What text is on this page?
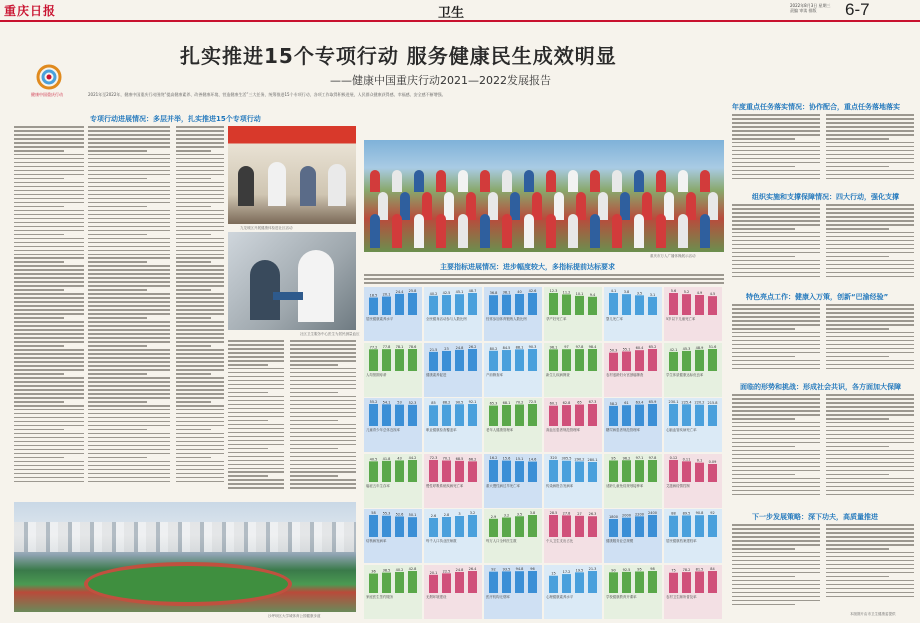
重庆日报	卫生
2022年8月3日 星期三
责编 审读 排版	6-7
健康中国重庆行动
扎实推进15个专项行动 服务健康民生成效明显
——健康中国重庆行动2021—2022发展报告
2021年至2022年，健康中国重庆行动围绕“提高健康素养、改善健康环境、营造健康生活”三大任务，统筹推进15个专项行动，各项工作取得积极进展，人民群众健康获得感、幸福感、安全感不断增强。
专项行动进展情况：多层并举，扎实推进15个专项行动
九龙坡区开展健康体检进社区活动
社区卫生服务中心医生为居民测量血压
沙坪坝区大学城体育公园健康步道
重庆市万人广播体操展示活动
主要指标进展情况：进步幅度较大，多指标提前达标要求
18.5 20.1
24.4 25.8
居民健康素养水平
40.2 42.5 45.1 48.7
全民健身活动参与人数比例
36.8 38.1 40 42.6
经常参加体育锻炼人数比例
12.3 11.2 10.1 9.4
孕产妇死亡率
4.1 3.8 3.5 3.1
婴儿死亡率
5.6 5.2 4.9 4.5
5岁以下儿童死亡率
77.2 77.8 78.1 78.6
人均预期寿命
21.5 23 24.8 26.2
健康素养促进
80.2 84.5 88.1 90.3
产前筛查率
96.1 97 97.8 98.4
新生儿疾病筛查
50.3 55.1 60.4 65.2
农村适龄妇女宫颈癌筛查
42.1 45.3 48.9 51.6
学生体质健康达标优良率
55.2 54.1 53 52.3
儿童青少年总体近视率
85 88.2 90.5 92.1
职业健康检查覆盖率
65.3 68.1 70.2 72.5
老年人健康管理率
60.1 62.8 65 67.3
高血压患者规范管理率
58.2 61 63.4 65.9
糖尿病患者规范管理率
230.1 225.4 220.2 215.8
心脑血管疾病死亡率
40.5 41.8 43 44.2
癌症五年生存率
72.3 70.1 68.5 66.2
慢性呼吸系统疾病死亡率
16.2 15.6 15.1 14.6
重大慢性病过早死亡率
320 305.5 290.2 280.1
传染病报告发病率
95 96.2 97.1 97.8
适龄儿童免疫规划接种率
0.12 0.11 0.1 0.09
艾滋病疫情控制
58 55.3 52.6 50.1
结核病发病率
2.6 2.8	3	3.2
每千人口执业医师数
2.9 3.2 3.5 3.8
每万人口全科医生数
28.5 27.8 27 26.3
个人卫生支出占比
1800 2000 2200 2400
健康服务业总规模
88 89.5 90.8 92
居民健康档案建档率
36 38.5 40.2 42.8
家庭医生签约服务
20.1 22.5 24.8 26.4
无烟环境建设
92 93.5 94.8 96
医疗机构无烟率
15 17.2 19.5 21.3
心理健康素养水平
90 92.5 95 98
学校健康教育开课率
75 78.2 81.5 84
农村卫生厕所普及率
年度重点任务落实情况：协作配合，重点任务落地落实
组织实施和支撑保障情况：四大行动，强化支撑
特色亮点工作：健康入万策，创新“巴渝经验”
面临的形势和挑战：形成社会共识，各方面加大保障
下一步发展策略：深下功夫，高质量推进
本版图片由市卫生健康委提供
